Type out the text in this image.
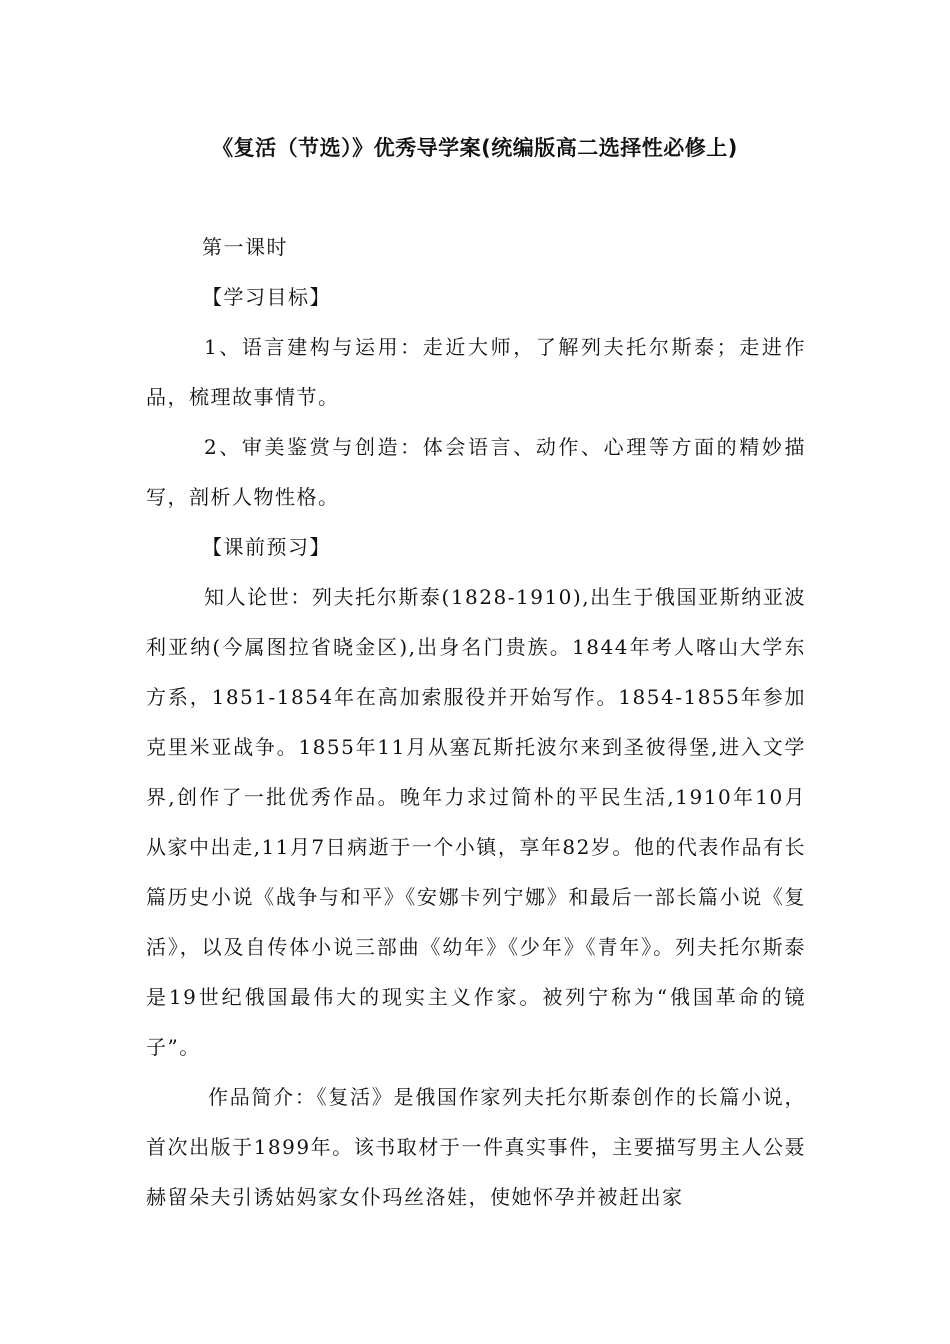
《复活（节选）》优秀导学案(统编版高二选择性必修上)

第一课时

【学习目标】

1、语言建构与运用：走近大师，了解列夫托尔斯泰；走进作品，梳理故事情节。

2、审美鉴赏与创造：体会语言、动作、心理等方面的精妙描写，剖析人物性格。

【课前预习】

知人论世：列夫托尔斯泰(1828-1910),出生于俄国亚斯纳亚波利亚纳(今属图拉省晓金区),出身名门贵族。1844年考人喀山大学东方系，1851-1854年在高加索服役并开始写作。1854-1855年参加克里米亚战争。1855年11月从塞瓦斯托波尔来到圣彼得堡,进入文学界,创作了一批优秀作品。晚年力求过简朴的平民生活,1910年10月从家中出走,11月7日病逝于一个小镇，享年82岁。他的代表作品有长篇历史小说《战争与和平》《安娜卡列宁娜》和最后一部长篇小说《复活》，以及自传体小说三部曲《幼年》《少年》《青年》。列夫托尔斯泰是19世纪俄国最伟大的现实主义作家。被列宁称为“俄国革命的镜子”。

作品简介：《复活》是俄国作家列夫托尔斯泰创作的长篇小说，首次出版于1899年。该书取材于一件真实事件，主要描写男主人公聂赫留朵夫引诱姑妈家女仆玛丝洛娃，使她怀孕并被赶出家
